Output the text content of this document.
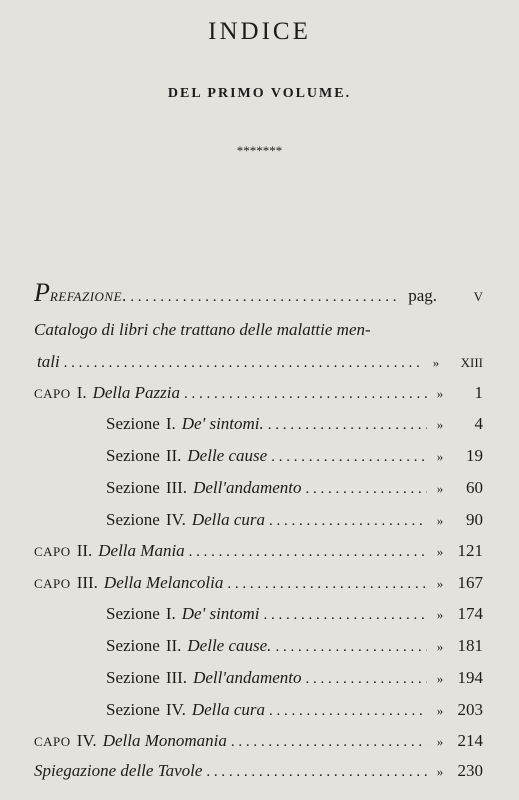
INDICE
DEL PRIMO VOLUME.
*******
PREFAZIONE. . . .	pag.	V
Catalogo di libri che trattano delle malattie men-
tali . . .	»	XIII
CAPO I. Della Pazzia . . .	»	1
Sezione I. De' sintomi. . . .	»	4
Sezione II. Delle cause . . .	»	19
Sezione III. Dell'andamento . . .	»	60
Sezione IV. Della cura . . .	»	90
CAPO II. Della Mania . . .	» 121
CAPO III. Della Melancolia . . .	» 167
Sezione I. De' sintomi . . .	» 174
Sezione II. Delle cause. . . .	» 181
Sezione III. Dell'andamento . . .	» 194
Sezione IV. Della cura . . .	» 203
CAPO IV. Della Monomania . . .	» 214
Spiegazione delle Tavole . . .	» 230
